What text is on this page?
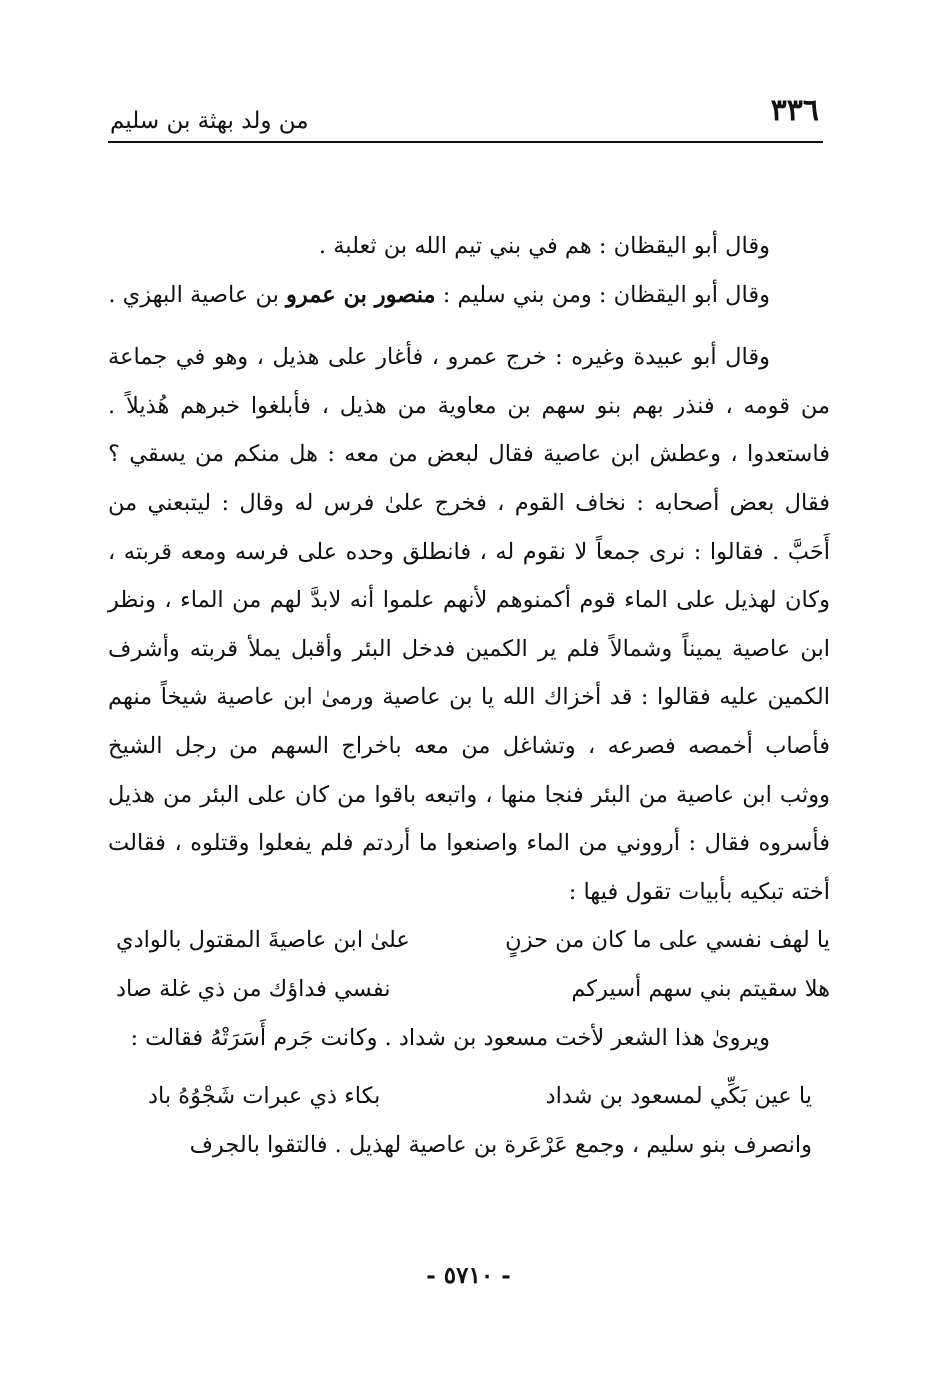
٣٣٦
من ولد بهثة بن سليم

وقال أبو اليقظان : هم في بني تيم الله بن ثعلبة .

وقال أبو اليقظان : ومن بني سليم : منصور بن عمرو بن عاصية البهزي .

وقال أبو عبيدة وغيره : خرج عمرو ، فأغار على هذيل ، وهو في جماعة من قومه ، فنذر بهم بنو سهم بن معاوية من هذيل ، فأبلغوا خبرهم هُذيلاً . فاستعدوا ، وعطش ابن عاصية فقال لبعض من معه : هل منكم من يسقي ؟ فقال بعض أصحابه : نخاف القوم ، فخرج علىٰ فرس له وقال : ليتبعني من أَحَبَّ . فقالوا : نرى جمعاً لا نقوم له ، فانطلق وحده على فرسه ومعه قربته ، وكان لهذيل على الماء قوم أكمنوهم لأنهم علموا أنه لابدَّ لهم من الماء ، ونظر ابن عاصية يميناً وشمالاً فلم ير الكمين فدخل البئر وأقبل يملأ قربته وأشرف الكمين عليه فقالوا : قد أخزاك الله يا بن عاصية ورمىٰ ابن عاصية شيخاً منهم فأصاب أخمصه فصرعه ، وتشاغل من معه باخراج السهم من رجل الشيخ ووثب ابن عاصية من البئر فنجا منها ، واتبعه باقوا من كان على البئر من هذيل فأسروه فقال : أرووني من الماء واصنعوا ما أردتم فلم يفعلوا وقتلوه ، فقالت أخته تبكيه بأبيات تقول فيها :

يا لهف نفسي على ما كان من حزنٍ
علىٰ ابن عاصيةَ المقتول بالوادي
هلا سقيتم بني سهم أسيركم
نفسي فداؤك من ذي غلة صاد

ويروىٰ هذا الشعر لأخت مسعود بن شداد . وكانت جَرم أَسَرَتْهُ فقالت :

يا عين بَكِّي لمسعود بن شداد
بكاء ذي عبرات شَجْوُهُ باد

وانصرف بنو سليم ، وجمع عَرْعَرة بن عاصية لهذيل . فالتقوا بالجرف

- ٥٧١٠ -
